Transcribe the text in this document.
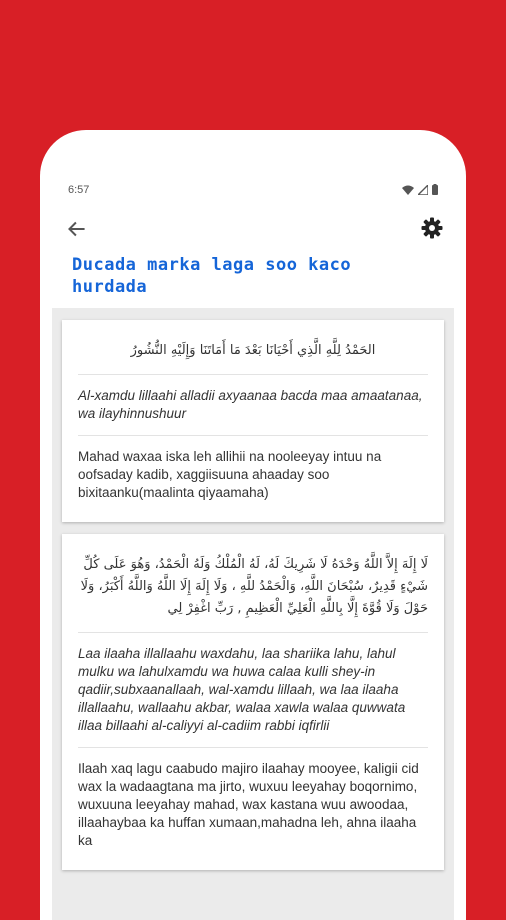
6:57
Ducada marka laga soo kaco hurdada
الحَمْدُ لِلَّهِ الَّذِي أَحْيَانَا بَعْدَ مَا أَمَاتَنَا وَإِلَيْهِ النُّشُورُ
Al-xamdu lillaahi alladii axyaanaa bacda maa amaatanaa, wa ilayhinnushuur
Mahad waxaa iska leh allihii na nooleeyay intuu na oofsaday kadib, xaggiisuuna ahaaday soo bixitaanku(maalinta qiyaamaha)
لَا إِلَهَ إِلاَّ اللَّهُ وَحْدَهُ لَا شَرِيكَ لَهُ، لَهُ الْمُلْكُ وَلَهُ الْحَمْدُ، وَهُوَ عَلَى كُلِّ شَيْءٍ قَدِيرٌ، سُبْحَانَ اللَّهِ، وَالْحَمْدُ للَّهِ ، وَلَا إِلَهَ إِلَا اللَّهُ وَاللَّهُ أَكْبَرُ، وَلَا حَوْلَ وَلَا قُوَّةَ إِلَّا بِاللَّهِ الْعَلِيِّ الْعَظِيمِ , رَبِّ اغْفِرْ لِي
Laa ilaaha illallaahu waxdahu, laa shariika lahu, lahul mulku wa lahulxamdu wa huwa calaa kulli shey-in qadiir,subxaanallaah, wal-xamdu lillaah, wa laa ilaaha illallaahu, wallaahu akbar, walaa xawla walaa quwwata illaa billaahi al-caliyyi al-cadiim rabbi iqfirlii
Ilaah xaq lagu caabudo majiro ilaahay mooyee, kaligii cid wax la wadaagtana ma jirto, wuxuu leeyahay boqornimo, wuxuuna leeyahay mahad, wax kastana wuu awoodaa, illaahaybaa ka huffan xumaan,mahadna leh, ahna ilaaha ka
